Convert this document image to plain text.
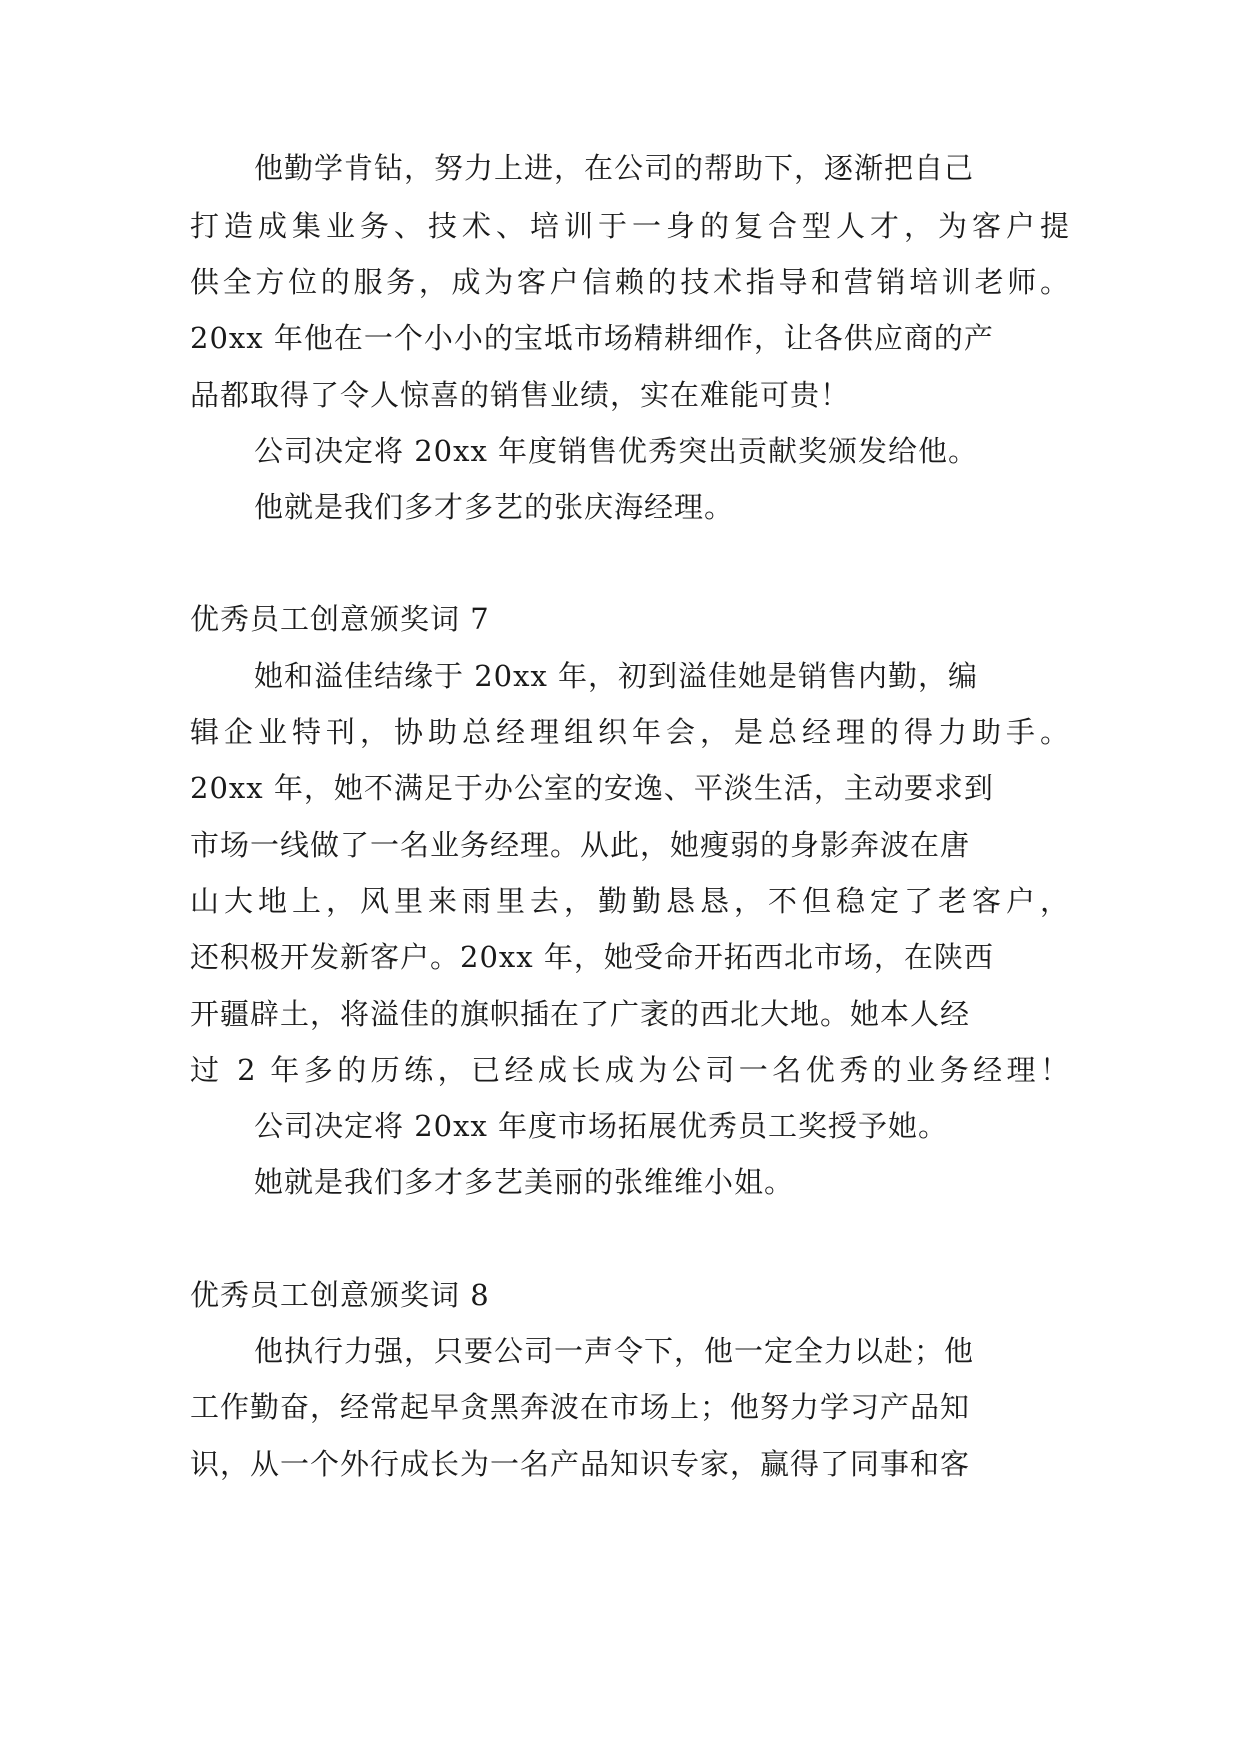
他勤学肯钻，努力上进，在公司的帮助下，逐渐把自己
打造成集业务、技术、培训于一身的复合型人才，为客户提
供全方位的服务，成为客户信赖的技术指导和营销培训老师。
20xx 年他在一个小小的宝坻市场精耕细作，让各供应商的产
品都取得了令人惊喜的销售业绩，实在难能可贵！
公司决定将 20xx 年度销售优秀突出贡献奖颁发给他。
他就是我们多才多艺的张庆海经理。
优秀员工创意颁奖词 7
她和溢佳结缘于 20xx 年，初到溢佳她是销售内勤，编
辑企业特刊，协助总经理组织年会，是总经理的得力助手。
20xx 年，她不满足于办公室的安逸、平淡生活，主动要求到
市场一线做了一名业务经理。从此，她瘦弱的身影奔波在唐
山大地上，风里来雨里去，勤勤恳恳，不但稳定了老客户，
还积极开发新客户。20xx 年，她受命开拓西北市场，在陕西
开疆辟土，将溢佳的旗帜插在了广袤的西北大地。她本人经
过 2 年多的历练，已经成长成为公司一名优秀的业务经理！
公司决定将 20xx 年度市场拓展优秀员工奖授予她。
她就是我们多才多艺美丽的张维维小姐。
优秀员工创意颁奖词 8
他执行力强，只要公司一声令下，他一定全力以赴；他
工作勤奋，经常起早贪黑奔波在市场上；他努力学习产品知
识，从一个外行成长为一名产品知识专家，赢得了同事和客
